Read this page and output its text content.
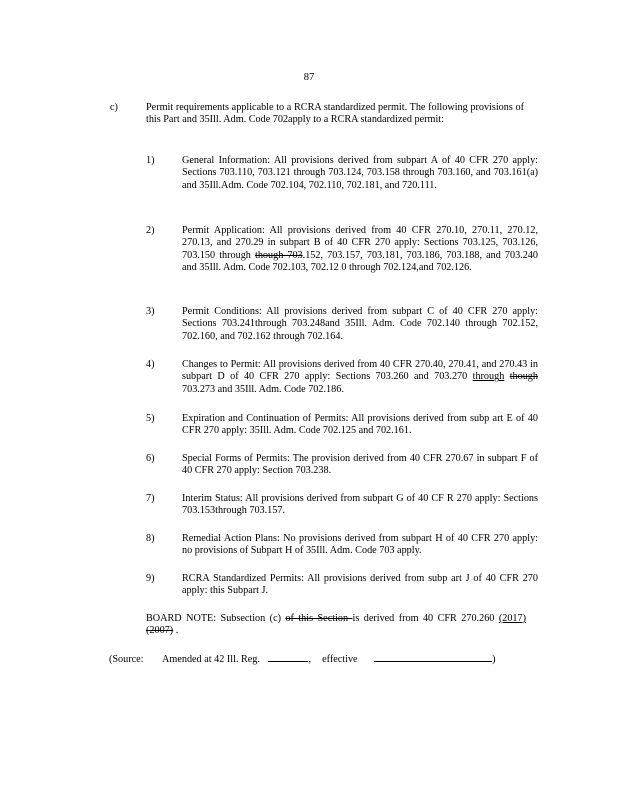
87
c)	Permit requirements applicable to a RCRA standardized permit. The following provisions of this Part and 35Ill. Adm. Code 702apply to a RCRA standardized permit:
1)	General Information: All provisions derived from subpart A of 40 CFR 270 apply: Sections 703.110, 703.121 through 703.124, 703.158 through 703.160, and 703.161(a) and 35Ill.Adm. Code 702.104, 702.110, 702.181, and 720.111.
2)	Permit Application: All provisions derived from 40 CFR 270.10, 270.11, 270.12, 270.13, and 270.29 in subpart B of 40 CFR 270 apply: Sections 703.125, 703.126, 703.150 through though 703.152, 703.157, 703.181, 703.186, 703.188, and 703.240 and 35Ill. Adm. Code 702.103, 702.12 0 through 702.124,and 702.126.
3)	Permit Conditions: All provisions derived from subpart C of 40 CFR 270 apply: Sections 703.241through 703.248and 35Ill. Adm. Code 702.140 through 702.152, 702.160, and 702.162 through 702.164.
4)	Changes to Permit: All provisions derived from 40 CFR 270.40, 270.41, and 270.43 in subpart D of 40 CFR 270 apply: Sections 703.260 and 703.270 through though 703.273 and 35Ill. Adm. Code 702.186.
5)	Expiration and Continuation of Permits: All provisions derived from subp art E of 40 CFR 270 apply: 35Ill. Adm. Code 702.125 and 702.161.
6)	Special Forms of Permits: The provision derived from 40 CFR 270.67 in subpart F of 40 CFR 270 apply: Section 703.238.
7)	Interim Status: All provisions derived from subpart G of 40 CF R 270 apply: Sections 703.153through 703.157.
8)	Remedial Action Plans: No provisions derived from subpart H of 40 CFR 270 apply: no provisions of Subpart H of 35Ill. Adm. Code 703 apply.
9)	RCRA Standardized Permits: All provisions derived from subp art J of 40 CFR 270 apply: this Subpart J.
BOARD NOTE: Subsection (c) of this Section is derived from 40 CFR 270.260 (2017) (2007) .
(Source: Amended at 42 Ill. Reg.	, effective	)
